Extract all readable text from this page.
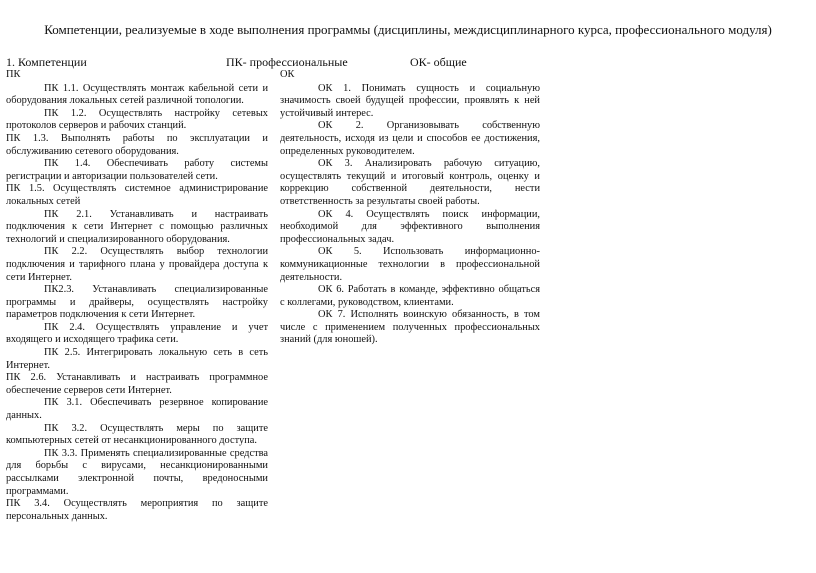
Компетенции, реализуемые в ходе выполнения программы (дисциплины, междисциплинарного курса, профессионального модуля)
1. Компетенции	ПК- профессиональные	ОК- общие
ПК

ПК 1.1. Осуществлять монтаж кабельной сети и оборудования локальных сетей различной топологии.

ПК 1.2. Осуществлять настройку сетевых протоколов серверов и рабочих станций.

ПК 1.3. Выполнять работы по эксплуатации и обслуживанию сетевого оборудования.

ПК 1.4. Обеспечивать работу системы регистрации и авторизации пользователей сети.

ПК 1.5. Осуществлять системное администрирование локальных сетей

ПК 2.1. Устанавливать и настраивать подключения к сети Интернет с помощью различных технологий и специализированного оборудования.

ПК 2.2. Осуществлять выбор технологии подключения и тарифного плана у провайдера доступа к сети Интернет.

ПК2.3. Устанавливать специализированные программы и драйверы, осуществлять настройку параметров подключения к сети Интернет.

ПК 2.4. Осуществлять управление и учет входящего и исходящего трафика сети.

ПК 2.5. Интегрировать локальную сеть в сеть Интернет.

ПК 2.6. Устанавливать и настраивать программное обеспечение серверов сети Интернет.

ПК 3.1. Обеспечивать резервное копирование данных.

ПК 3.2. Осуществлять меры по защите компьютерных сетей от несанкционированного доступа.

ПК 3.3. Применять специализированные средства для борьбы с вирусами, несанкционированными рассылками электронной почты, вредоносными программами.

ПК 3.4. Осуществлять мероприятия по защите персональных данных.

ОК

ОК 1. Понимать сущность и социальную значимость своей будущей профессии, проявлять к ней устойчивый интерес.

ОК 2. Организовывать собственную деятельность, исходя из цели и способов ее достижения, определенных руководителем.

ОК 3. Анализировать рабочую ситуацию, осуществлять текущий и итоговый контроль, оценку и коррекцию собственной деятельности, нести ответственность за результаты своей работы.

ОК 4. Осуществлять поиск информации, необходимой для эффективного выполнения профессиональных задач.

ОК 5. Использовать информационно-коммуникационные технологии в профессиональной деятельности.

ОК 6. Работать в команде, эффективно общаться с коллегами, руководством, клиентами.

ОК 7. Исполнять воинскую обязанность, в том числе с применением полученных профессиональных знаний (для юношей).
